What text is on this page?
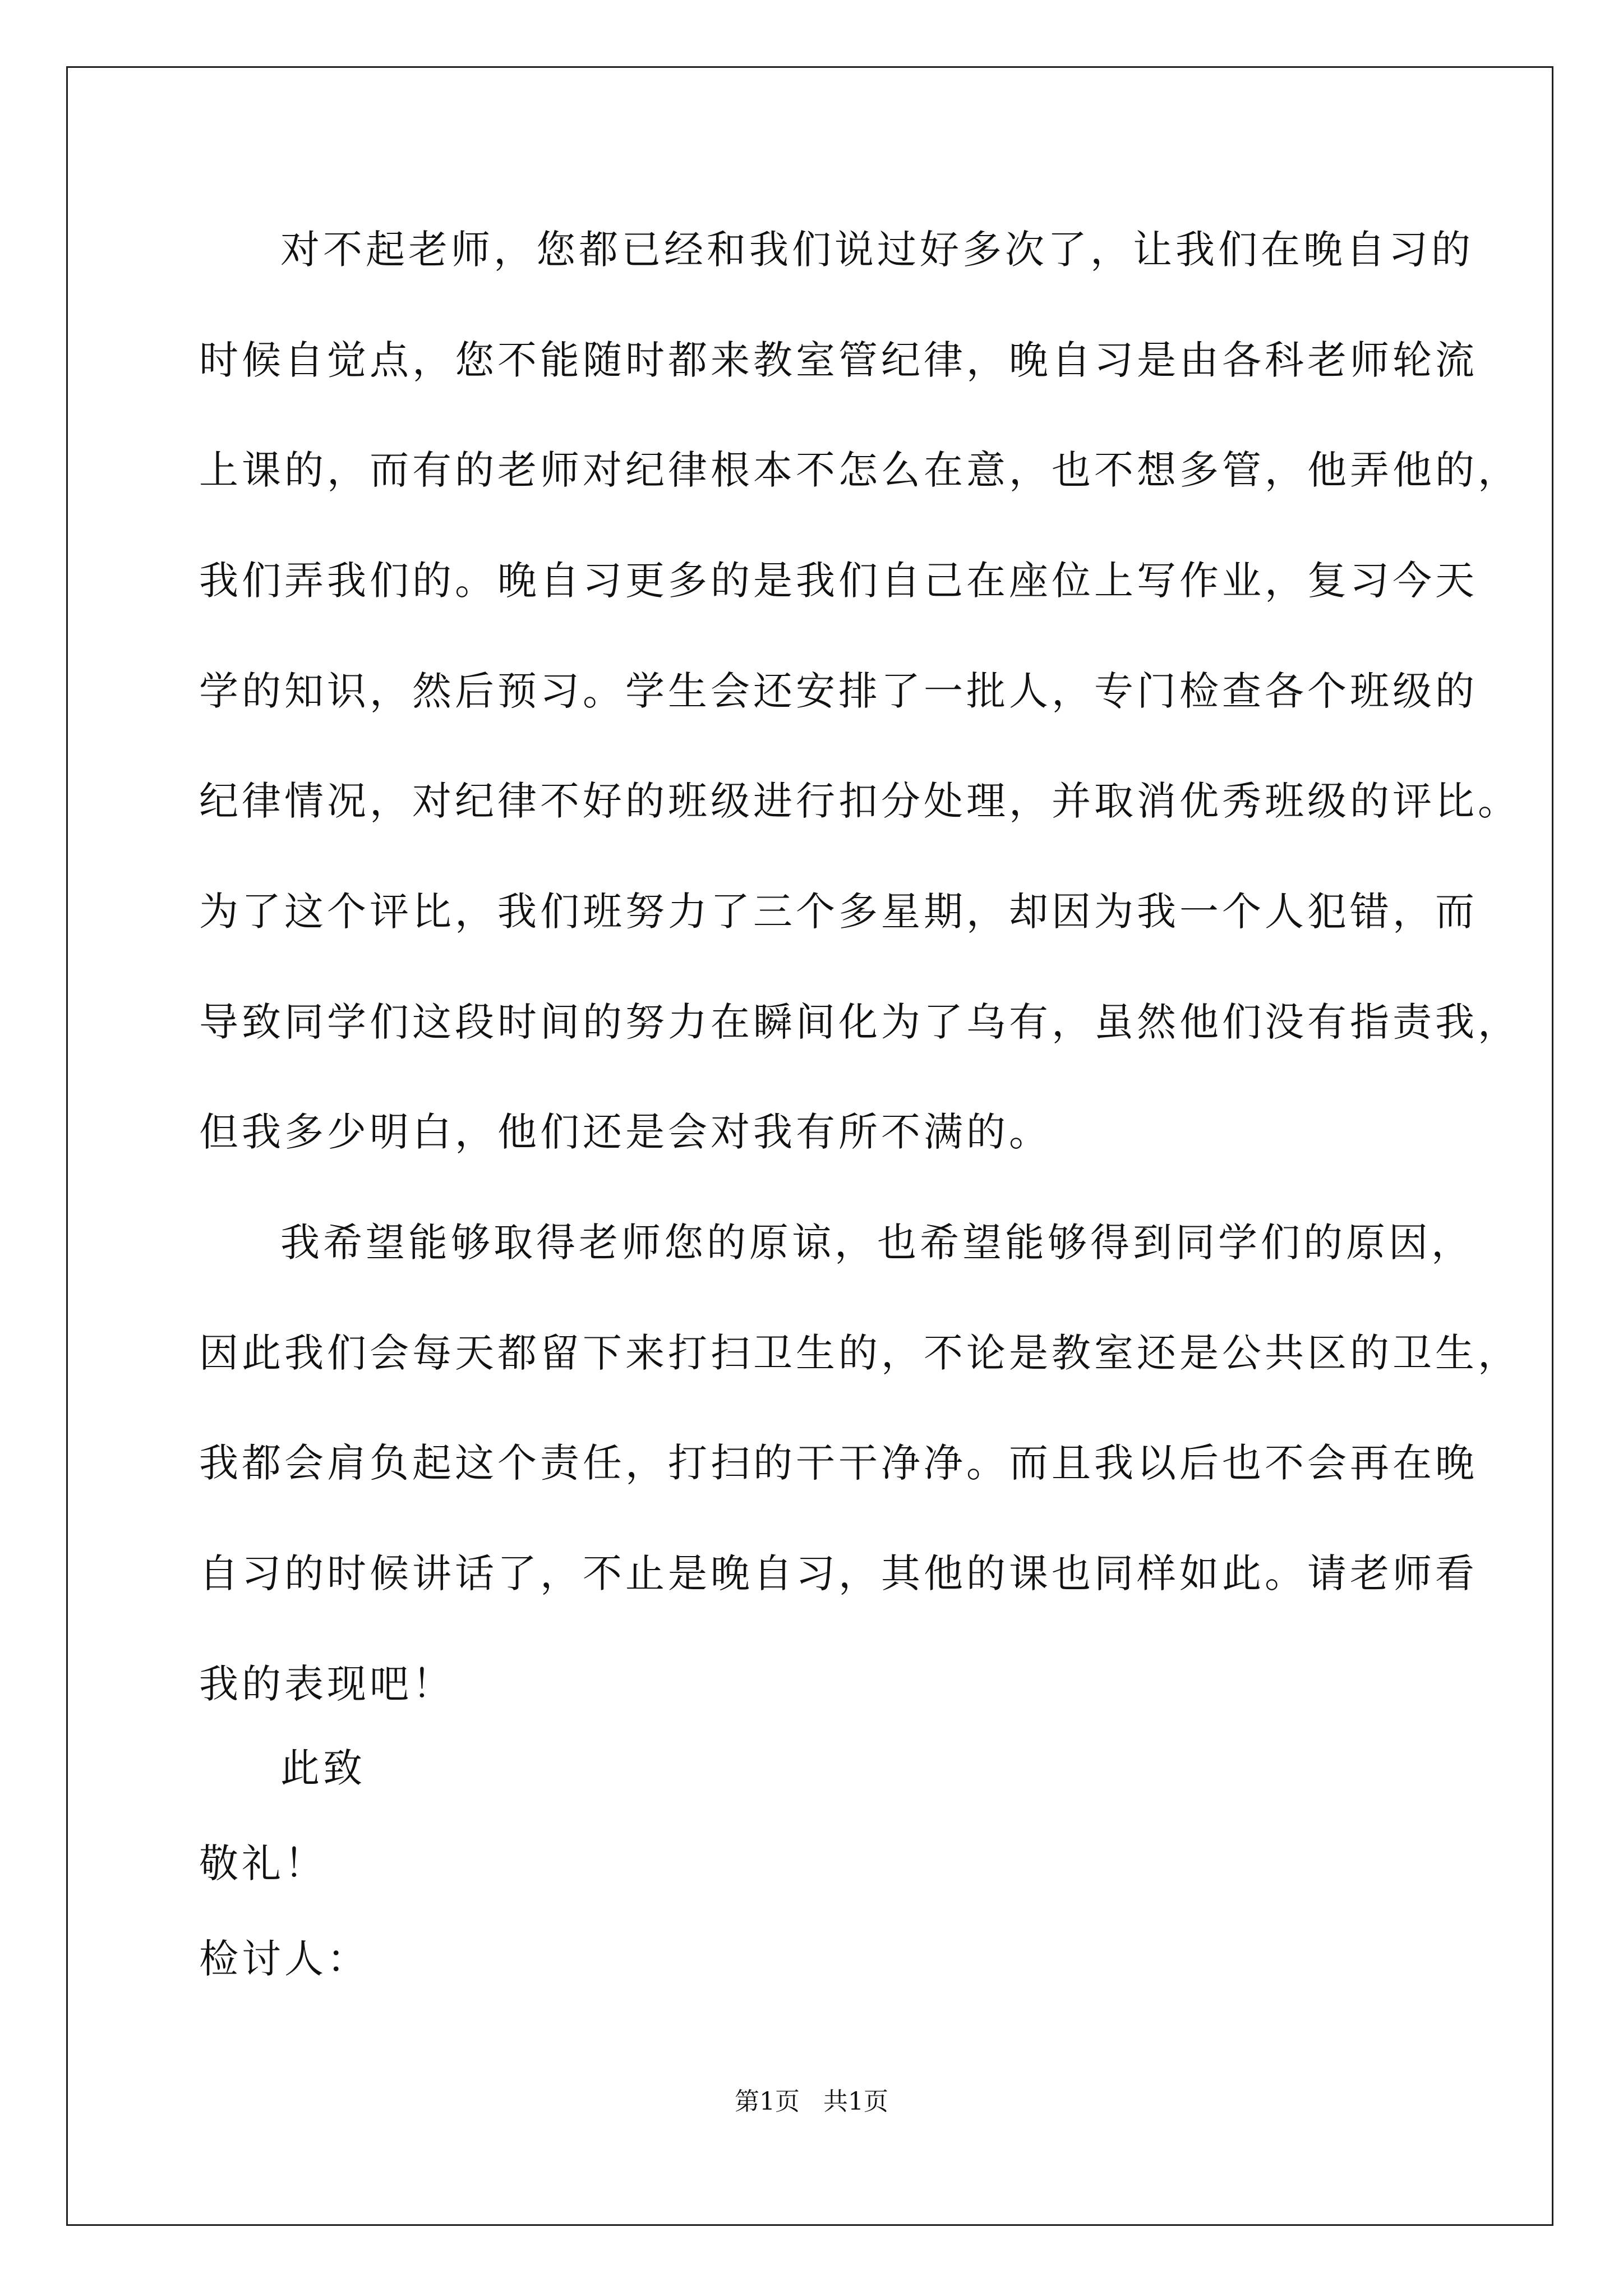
对不起老师，您都已经和我们说过好多次了，让我们在晚自习的

时候自觉点，您不能随时都来教室管纪律，晚自习是由各科老师轮流

上课的，而有的老师对纪律根本不怎么在意，也不想多管，他弄他的，

我们弄我们的。晚自习更多的是我们自己在座位上写作业，复习今天

学的知识，然后预习。学生会还安排了一批人，专门检查各个班级的

纪律情况，对纪律不好的班级进行扣分处理，并取消优秀班级的评比。

为了这个评比，我们班努力了三个多星期，却因为我一个人犯错，而

导致同学们这段时间的努力在瞬间化为了乌有，虽然他们没有指责我，

但我多少明白，他们还是会对我有所不满的。

我希望能够取得老师您的原谅，也希望能够得到同学们的原因，

因此我们会每天都留下来打扫卫生的，不论是教室还是公共区的卫生，

我都会肩负起这个责任，打扫的干干净净。而且我以后也不会再在晚

自习的时候讲话了，不止是晚自习，其他的课也同样如此。请老师看

我的表现吧！

此致

敬礼！

检讨人：

第1页   共1页
